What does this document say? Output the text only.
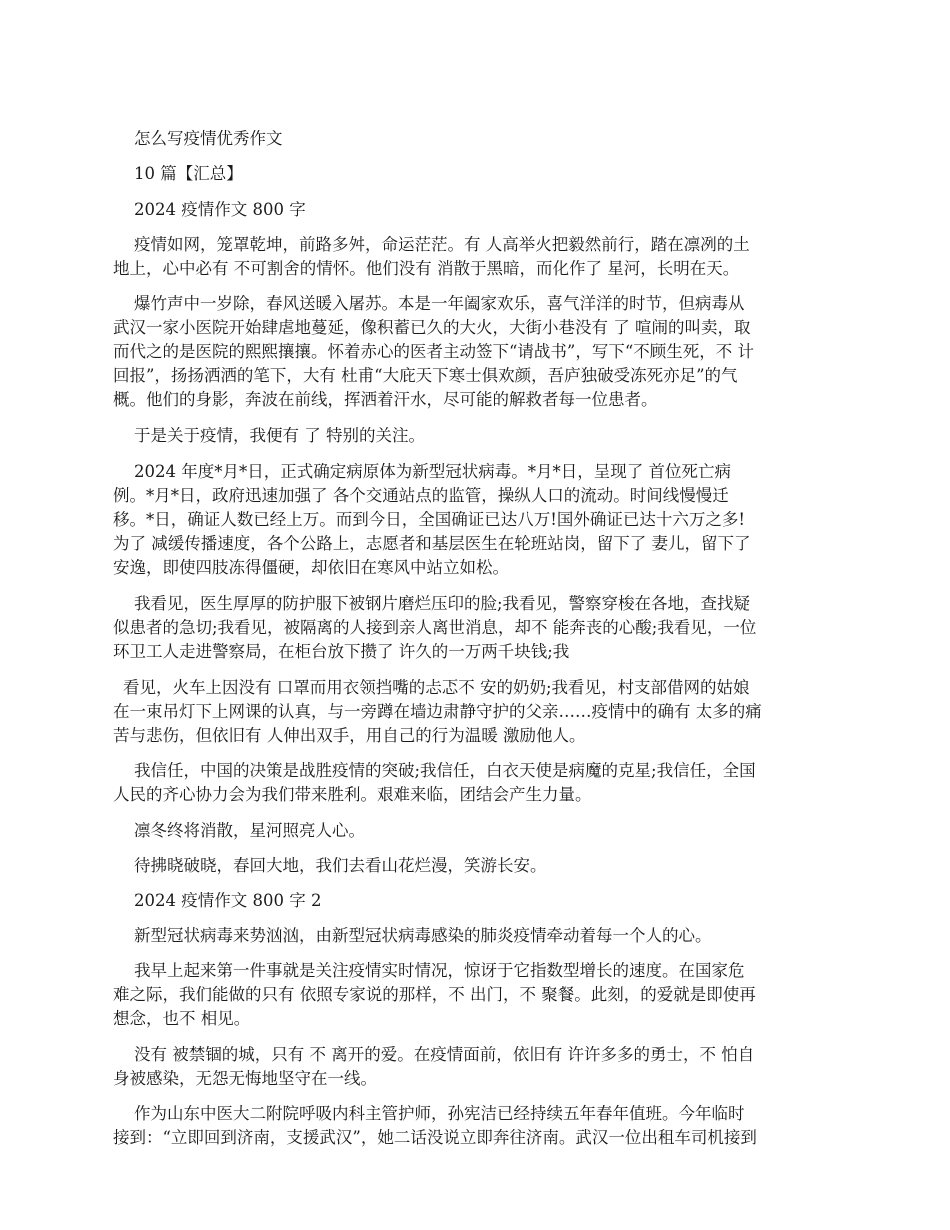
怎么写疫情优秀作文
10 篇【汇总】
2024 疫情作文 800 字
疫情如网，笼罩乾坤，前路多舛，命运茫茫。有 人高举火把毅然前行，踏在凛冽的土
地上，心中必有 不可割舍的情怀。他们没有 消散于黑暗，而化作了 星河，长明在天。
爆竹声中一岁除，春风送暖入屠苏。本是一年阖家欢乐，喜气洋洋的时节，但病毒从
武汉一家小医院开始肆虐地蔓延，像积蓄已久的大火，大街小巷没有 了 喧闹的叫卖，取
而代之的是医院的熙熙攘攘。怀着赤心的医者主动签下“请战书”，写下“不顾生死，不 计
回报”，扬扬洒洒的笔下，大有 杜甫“大庇天下寒士俱欢颜，吾庐独破受冻死亦足”的气
概。他们的身影，奔波在前线，挥洒着汗水，尽可能的解救者每一位患者。
于是关于疫情，我便有 了 特别的关注。
2024 年度*月*日，正式确定病原体为新型冠状病毒。*月*日，呈现了 首位死亡病
例。*月*日，政府迅速加强了 各个交通站点的监管，操纵人口的流动。时间线慢慢迁
移。*日，确证人数已经上万。而到今日，全国确证已达八万!国外确证已达十六万之多!
为了 减缓传播速度，各个公路上，志愿者和基层医生在轮班站岗，留下了 妻儿，留下了
安逸，即使四肢冻得僵硬，却依旧在寒风中站立如松。
我看见，医生厚厚的防护服下被钢片磨烂压印的脸;我看见，警察穿梭在各地，查找疑
似患者的急切;我看见，被隔离的人接到亲人离世消息，却不 能奔丧的心酸;我看见，一位
环卫工人走进警察局，在柜台放下攒了 许久的一万两千块钱;我
看见，火车上因没有 口罩而用衣领挡嘴的忐忑不 安的奶奶;我看见，村支部借网的姑娘
在一束吊灯下上网课的认真，与一旁蹲在墙边肃静守护的父亲……疫情中的确有 太多的痛
苦与悲伤，但依旧有 人伸出双手，用自己的行为温暖 激励他人。
我信任，中国的决策是战胜疫情的突破;我信任，白衣天使是病魔的克星;我信任，全国
人民的齐心协力会为我们带来胜利。艰难来临，团结会产生力量。
凛冬终将消散，星河照亮人心。
待拂晓破晓，春回大地，我们去看山花烂漫，笑游长安。
2024 疫情作文 800 字 2
新型冠状病毒来势汹汹，由新型冠状病毒感染的肺炎疫情牵动着每一个人的心。
我早上起来第一件事就是关注疫情实时情况，惊讶于它指数型增长的速度。在国家危
难之际，我们能做的只有 依照专家说的那样，不 出门，不 聚餐。此刻，的爱就是即使再
想念，也不 相见。
没有 被禁锢的城，只有 不 离开的爱。在疫情面前，依旧有 许许多多的勇士，不 怕自
身被感染，无怨无悔地坚守在一线。
作为山东中医大二附院呼吸内科主管护师，孙宪洁已经持续五年春年值班。今年临时
接到：“立即回到济南，支援武汉”，她二话没说立即奔往济南。武汉一位出租车司机接到
